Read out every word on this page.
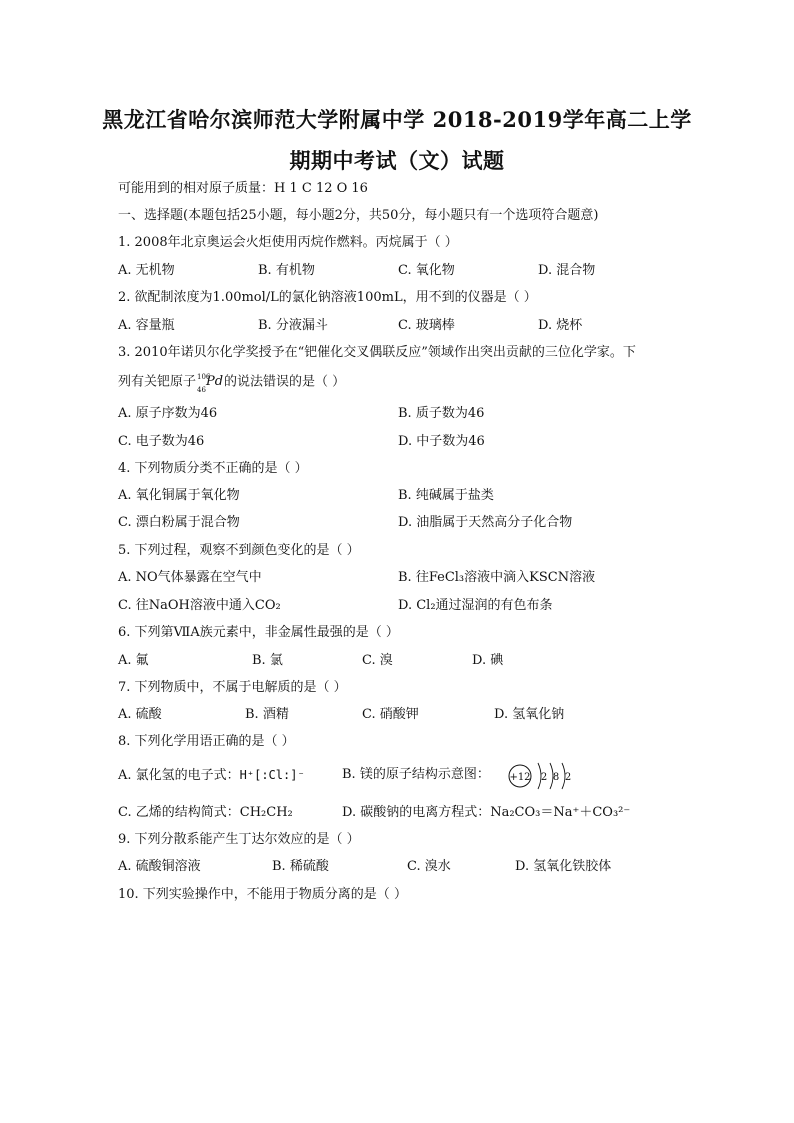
黑龙江省哈尔滨师范大学附属中学 2018-2019学年高二上学
期期中考试（文）试题
可能用到的相对原子质量：H 1 C 12 O 16
一、选择题(本题包括25小题，每小题2分，共50分，每小题只有一个选项符合题意)
1. 2008年北京奥运会火炬使用丙烷作燃料。丙烷属于（ ）
A. 无机物	B. 有机物	C. 氧化物	D. 混合物
2. 欲配制浓度为1.00mol/L的氯化钠溶液100mL，用不到的仪器是（ ）
A. 容量瓶	B. 分液漏斗	C. 玻璃棒	D. 烧杯
3. 2010年诺贝尔化学奖授予在“钯催化交叉偶联反应”领域作出突出贡献的三位化学家。下
列有关钯原子 106
46
Pd 的说法错误的是（ ）
A. 原子序数为46	B. 质子数为46
C. 电子数为46	D. 中子数为46
4. 下列物质分类不正确的是（ ）
A. 氧化铜属于氧化物	B. 纯碱属于盐类
C. 漂白粉属于混合物	D. 油脂属于天然高分子化合物
5. 下列过程，观察不到颜色变化的是（ ）
A. NO气体暴露在空气中	B. 往FeCl₃溶液中滴入KSCN溶液
C. 往NaOH溶液中通入CO₂	D. Cl₂通过湿润的有色布条
6. 下列第ⅦA族元素中，非金属性最强的是（ ）
A. 氟	B. 氯	C. 溴	D. 碘
7. 下列物质中，不属于电解质的是（ ）
A. 硫酸	B. 酒精	C. 硝酸钾	D. 氢氧化钠
8. 下列化学用语正确的是（ ）
A. 氯化氢的电子式：H⁺[:Cl:]⁻	B. 镁的原子结构示意图： +12 2 8 2
C. 乙烯的结构简式：CH₂CH₂	D. 碳酸钠的电离方程式：Na₂CO₃＝Na⁺＋CO₃²⁻
9. 下列分散系能产生丁达尔效应的是（ ）
A. 硫酸铜溶液	B. 稀硫酸	C. 溴水	D. 氢氧化铁胶体
10. 下列实验操作中，不能用于物质分离的是（ ）
